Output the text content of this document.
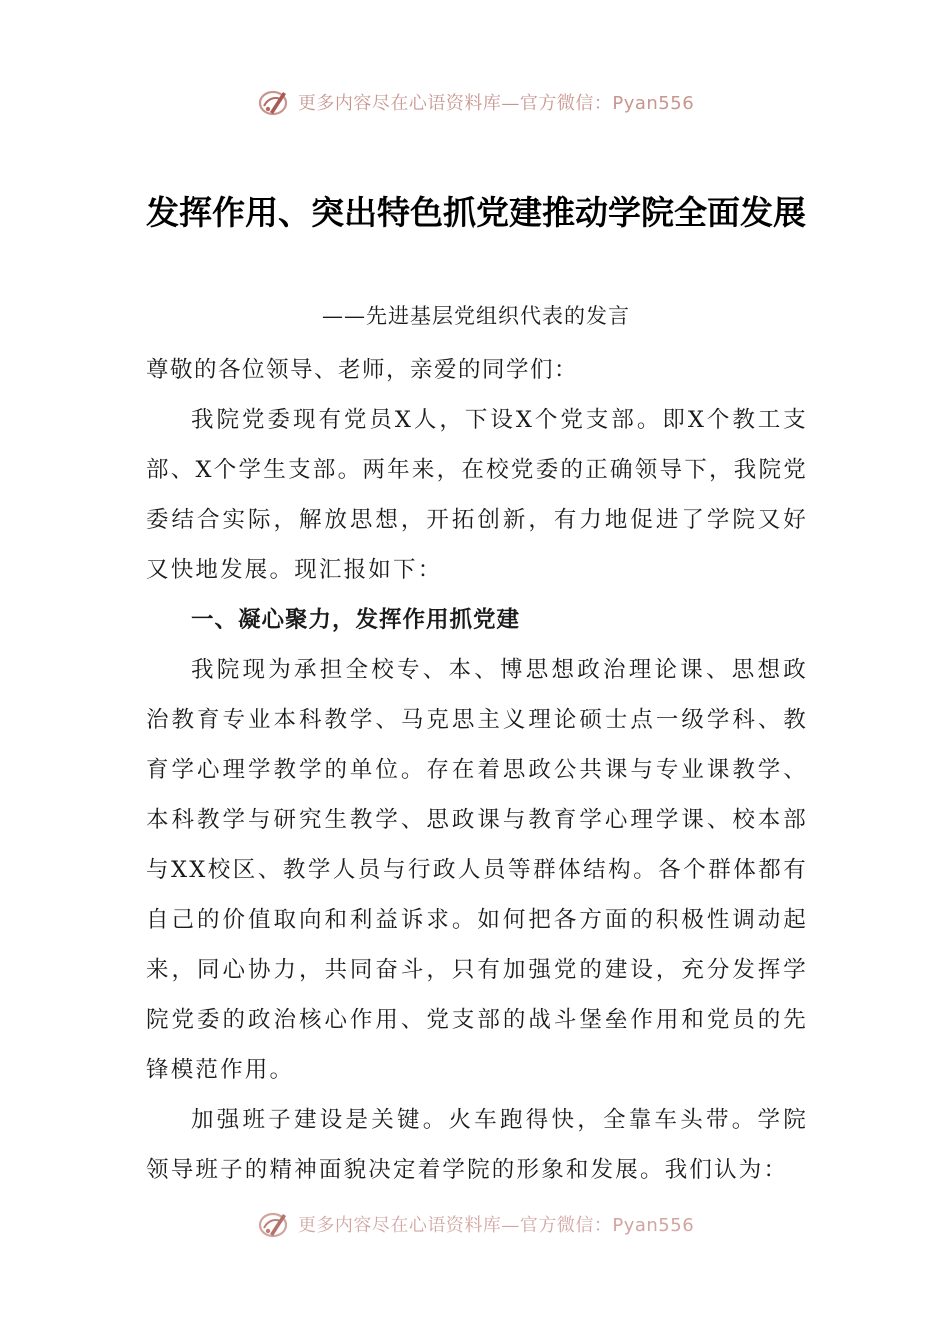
更多内容尽在心语资料库—官方微信：Pyan556
发挥作用、突出特色抓党建推动学院全面发展

——先进基层党组织代表的发言

尊敬的各位领导、老师，亲爱的同学们：

我院党委现有党员X人，下设X个党支部。即X个教工支部、X个学生支部。两年来，在校党委的正确领导下，我院党委结合实际，解放思想，开拓创新，有力地促进了学院又好又快地发展。现汇报如下：

一、凝心聚力，发挥作用抓党建

我院现为承担全校专、本、博思想政治理论课、思想政治教育专业本科教学、马克思主义理论硕士点一级学科、教育学心理学教学的单位。存在着思政公共课与专业课教学、本科教学与研究生教学、思政课与教育学心理学课、校本部与XX校区、教学人员与行政人员等群体结构。各个群体都有自己的价值取向和利益诉求。如何把各方面的积极性调动起来，同心协力，共同奋斗，只有加强党的建设，充分发挥学院党委的政治核心作用、党支部的战斗堡垒作用和党员的先锋模范作用。

加强班子建设是关键。火车跑得快，全靠车头带。学院领导班子的精神面貌决定着学院的形象和发展。我们认为：

更多内容尽在心语资料库—官方微信：Pyan556
